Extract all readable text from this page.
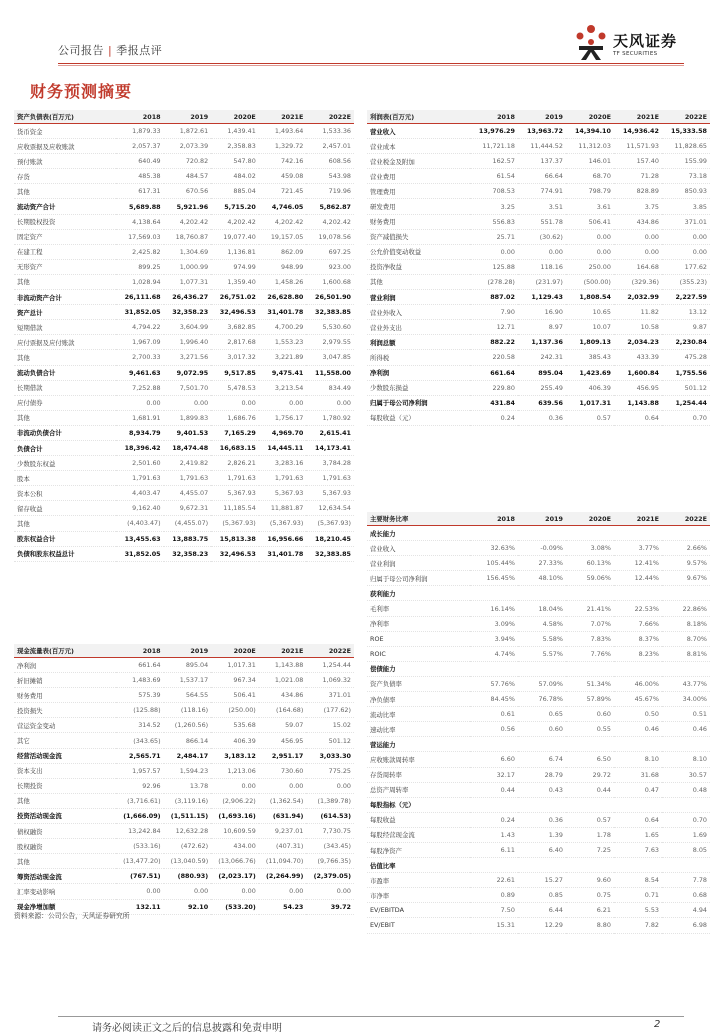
公司报告 | 季报点评
天风证券
TF SECURITIES
财务预测摘要
资产负债表(百万元)	2018	2019	2020E	2021E	2022E
货币资金	1,879.33	1,872.61	1,439.41	1,493.64	1,533.36
应收票据及应收账款	2,057.37	2,073.39	2,358.83	1,329.72	2,457.01
预付账款	640.49	720.82	547.80	742.16	608.56
存货	485.38	484.57	484.02	459.08	543.98
其他	617.31	670.56	885.04	721.45	719.96
流动资产合计	5,689.88	5,921.96	5,715.20	4,746.05	5,862.87
长期股权投资	4,138.64	4,202.42	4,202.42	4,202.42	4,202.42
固定资产	17,569.03	18,760.87	19,077.40	19,157.05	19,078.56
在建工程	2,425.82	1,304.69	1,136.81	862.09	697.25
无形资产	899.25	1,000.99	974.99	948.99	923.00
其他	1,028.94	1,077.31	1,359.40	1,458.26	1,600.68
非流动资产合计	26,111.68	26,436.27	26,751.02	26,628.80	26,501.90
资产总计	31,852.05	32,358.23	32,496.53	31,401.78	32,383.85
短期借款	4,794.22	3,604.99	3,682.85	4,700.29	5,530.60
应付票据及应付账款	1,967.09	1,996.40	2,817.68	1,553.23	2,979.55
其他	2,700.33	3,271.56	3,017.32	3,221.89	3,047.85
流动负债合计	9,461.63	9,072.95	9,517.85	9,475.41	11,558.00
长期借款	7,252.88	7,501.70	5,478.53	3,213.54	834.49
应付债券	0.00	0.00	0.00	0.00	0.00
其他	1,681.91	1,899.83	1,686.76	1,756.17	1,780.92
非流动负债合计	8,934.79	9,401.53	7,165.29	4,969.70	2,615.41
负债合计	18,396.42	18,474.48	16,683.15	14,445.11	14,173.41
少数股东权益	2,501.60	2,419.82	2,826.21	3,283.16	3,784.28
股本	1,791.63	1,791.63	1,791.63	1,791.63	1,791.63
资本公积	4,403.47	4,455.07	5,367.93	5,367.93	5,367.93
留存收益	9,162.40	9,672.31	11,185.54	11,881.87	12,634.54
其他	(4,403.47)	(4,455.07)	(5,367.93)	(5,367.93)	(5,367.93)
股东权益合计	13,455.63	13,883.75	15,813.38	16,956.66	18,210.45
负债和股东权益总计	31,852.05	32,358.23	32,496.53	31,401.78	32,383.85
利润表(百万元)	2018	2019	2020E	2021E	2022E
营业收入	13,976.29	13,963.72	14,394.10	14,936.42	15,333.58
营业成本	11,721.18	11,444.52	11,312.03	11,571.93	11,828.65
营业税金及附加	162.57	137.37	146.01	157.40	155.99
营业费用	61.54	66.64	68.70	71.28	73.18
管理费用	708.53	774.91	798.79	828.89	850.93
研发费用	3.25	3.51	3.61	3.75	3.85
财务费用	556.83	551.78	506.41	434.86	371.01
资产减值损失	25.71	(30.62)	0.00	0.00	0.00
公允价值变动收益	0.00	0.00	0.00	0.00	0.00
投资净收益	125.88	118.16	250.00	164.68	177.62
其他	(278.28)	(231.97)	(500.00)	(329.36)	(355.23)
营业利润	887.02	1,129.43	1,808.54	2,032.99	2,227.59
营业外收入	7.90	16.90	10.65	11.82	13.12
营业外支出	12.71	8.97	10.07	10.58	9.87
利润总额	882.22	1,137.36	1,809.13	2,034.23	2,230.84
所得税	220.58	242.31	385.43	433.39	475.28
净利润	661.64	895.04	1,423.69	1,600.84	1,755.56
少数股东损益	229.80	255.49	406.39	456.95	501.12
归属于母公司净利润	431.84	639.56	1,017.31	1,143.88	1,254.44
每股收益（元）	0.24	0.36	0.57	0.64	0.70
主要财务比率	2018	2019	2020E	2021E	2022E
成长能力					
营业收入	32.63%	-0.09%	3.08%	3.77%	2.66%
营业利润	105.44%	27.33%	60.13%	12.41%	9.57%
归属于母公司净利润	156.45%	48.10%	59.06%	12.44%	9.67%
获利能力					
毛利率	16.14%	18.04%	21.41%	22.53%	22.86%
净利率	3.09%	4.58%	7.07%	7.66%	8.18%
ROE	3.94%	5.58%	7.83%	8.37%	8.70%
ROIC	4.74%	5.57%	7.76%	8.23%	8.81%
偿债能力					
资产负债率	57.76%	57.09%	51.34%	46.00%	43.77%
净负债率	84.45%	76.78%	57.89%	45.67%	34.00%
流动比率	0.61	0.65	0.60	0.50	0.51
速动比率	0.56	0.60	0.55	0.46	0.46
营运能力					
应收账款周转率	6.60	6.74	6.50	8.10	8.10
存货周转率	32.17	28.79	29.72	31.68	30.57
总资产周转率	0.44	0.43	0.44	0.47	0.48
每股指标（元）					
每股收益	0.24	0.36	0.57	0.64	0.70
每股经营现金流	1.43	1.39	1.78	1.65	1.69
每股净资产	6.11	6.40	7.25	7.63	8.05
估值比率					
市盈率	22.61	15.27	9.60	8.54	7.78
市净率	0.89	0.85	0.75	0.71	0.68
EV/EBITDA	7.50	6.44	6.21	5.53	4.94
EV/EBIT	15.31	12.29	8.80	7.82	6.98
现金流量表(百万元)	2018	2019	2020E	2021E	2022E
净利润	661.64	895.04	1,017.31	1,143.88	1,254.44
折旧摊销	1,483.69	1,537.17	967.34	1,021.08	1,069.32
财务费用	575.39	564.55	506.41	434.86	371.01
投资损失	(125.88)	(118.16)	(250.00)	(164.68)	(177.62)
营运资金变动	314.52	(1,260.56)	535.68	59.07	15.02
其它	(343.65)	866.14	406.39	456.95	501.12
经营活动现金流	2,565.71	2,484.17	3,183.12	2,951.17	3,033.30
资本支出	1,957.57	1,594.23	1,213.06	730.60	775.25
长期投资	92.96	13.78	0.00	0.00	0.00
其他	(3,716.61)	(3,119.16)	(2,906.22)	(1,362.54)	(1,389.78)
投资活动现金流	(1,666.09)	(1,511.15)	(1,693.16)	(631.94)	(614.53)
债权融资	13,242.84	12,632.28	10,609.59	9,237.01	7,730.75
股权融资	(533.16)	(472.62)	434.00	(407.31)	(343.45)
其他	(13,477.20)	(13,040.59)	(13,066.76)	(11,094.70)	(9,766.35)
筹资活动现金流	(767.51)	(880.93)	(2,023.17)	(2,264.99)	(2,379.05)
汇率变动影响	0.00	0.00	0.00	0.00	0.00
现金净增加额	132.11	92.10	(533.20)	54.23	39.72
资料来源：公司公告，天风证券研究所
请务必阅读正文之后的信息披露和免责申明	2
